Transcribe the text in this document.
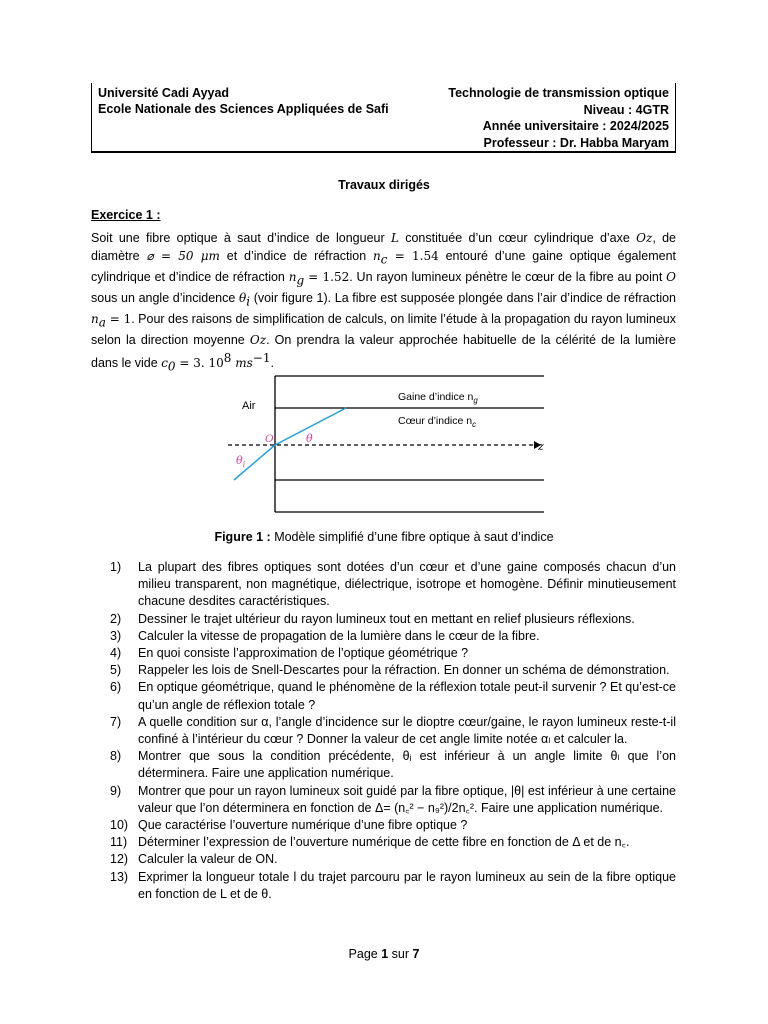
Université Cadi Ayyad
Ecole Nationale des Sciences Appliquées de Safi
Technologie de transmission optique
Niveau : 4GTR
Année universitaire : 2024/2025
Professeur : Dr. Habba Maryam
Travaux dirigés
Exercice 1 :
Soit une fibre optique à saut d’indice de longueur L constituée d’un cœur cylindrique d’axe Oz, de diamètre ⌀ = 50 μm et d’indice de réfraction $n_c = 1.54$ entouré d’une gaine optique également cylindrique et d’indice de réfraction $n_g = 1.52$. Un rayon lumineux pénètre le cœur de la fibre au point O sous un angle d’incidence $\theta_i$ (voir figure 1). La fibre est supposée plongée dans l’air d’indice de réfraction $n_a = 1$. Pour des raisons de simplification de calculs, on limite l’étude à la propagation du rayon lumineux selon la direction moyenne Oz. On prendra la valeur approchée habituelle de la célérité de la lumière dans le vide $c_0 = 3$. $10^8$ $ms^{-1}$.
Air
Gaine d’indice $n_g$
Cœur d’indice $n_c$
O	θ
$\theta_i$
z
Figure 1 : Modèle simplifié d’une fibre optique à saut d’indice
1) La plupart des fibres optiques sont dotées d’un cœur et d’une gaine composés chacun d’un milieu transparent, non magnétique, diélectrique, isotrope et homogène. Définir minutieusement chacune desdites caractéristiques.
2) Dessiner le trajet ultérieur du rayon lumineux tout en mettant en relief plusieurs réflexions.
3) Calculer la vitesse de propagation de la lumière dans le cœur de la fibre.
4) En quoi consiste l’approximation de l’optique géométrique ?
5) Rappeler les lois de Snell-Descartes pour la réfraction. En donner un schéma de démonstration.
6) En optique géométrique, quand le phénomène de la réflexion totale peut-il survenir ? Et qu’est-ce qu’un angle de réflexion totale ?
7) A quelle condition sur α, l’angle d’incidence sur le dioptre cœur/gaine, le rayon lumineux reste-t-il confiné à l’intérieur du cœur ? Donner la valeur de cet angle limite notée αₗ et calculer la.
8) Montrer que sous la condition précédente, θᵢ est inférieur à un angle limite θₗ que l’on déterminera. Faire une application numérique.
9) Montrer que pour un rayon lumineux soit guidé par la fibre optique, |θ| est inférieur à une certaine valeur que l’on déterminera en fonction de Δ= (n꜀² − n₉²)/2n꜀². Faire une application numérique.
10) Que caractérise l’ouverture numérique d’une fibre optique ?
11) Déterminer l’expression de l’ouverture numérique de cette fibre en fonction de Δ et de n꜀.
12) Calculer la valeur de ON.
13) Exprimer la longueur totale l du trajet parcouru par le rayon lumineux au sein de la fibre optique en fonction de L et de θ.
Page 1 sur 7
